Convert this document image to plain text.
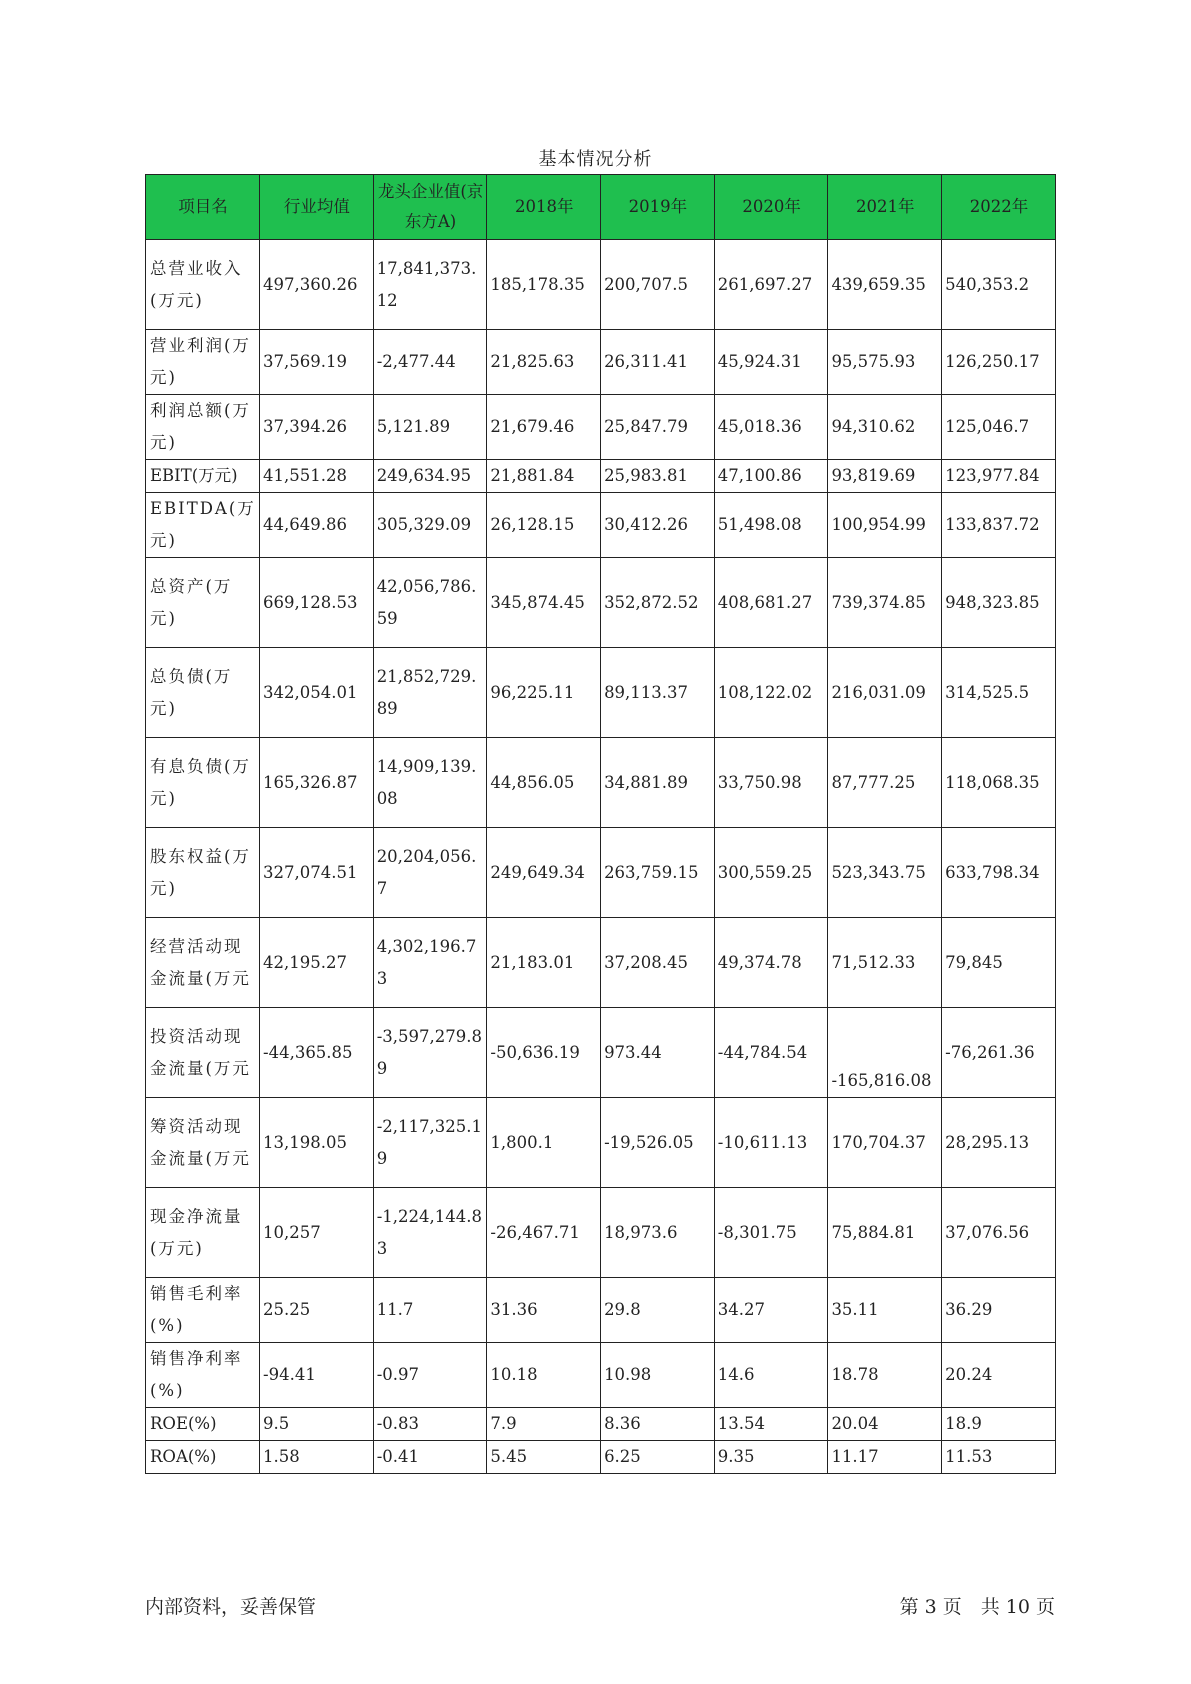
基本情况分析
项目名	行业均值	龙头企业值(京东方A)	2018年	2019年	2020年	2021年	2022年
总营业收入(万元)	497,360.26	17,841,373.12	185,178.35	200,707.5	261,697.27	439,659.35	540,353.2
营业利润(万元)	37,569.19	-2,477.44	21,825.63	26,311.41	45,924.31	95,575.93	126,250.17
利润总额(万元)	37,394.26	5,121.89	21,679.46	25,847.79	45,018.36	94,310.62	125,046.7
EBIT(万元)	41,551.28	249,634.95	21,881.84	25,983.81	47,100.86	93,819.69	123,977.84
EBITDA(万元)	44,649.86	305,329.09	26,128.15	30,412.26	51,498.08	100,954.99	133,837.72
总资产(万元)	669,128.53	42,056,786.59	345,874.45	352,872.52	408,681.27	739,374.85	948,323.85
总负债(万元)	342,054.01	21,852,729.89	96,225.11	89,113.37	108,122.02	216,031.09	314,525.5
有息负债(万元)	165,326.87	14,909,139.08	44,856.05	34,881.89	33,750.98	87,777.25	118,068.35
股东权益(万元)	327,074.51	20,204,056.7	249,649.34	263,759.15	300,559.25	523,343.75	633,798.34
经营活动现金流量(万元	42,195.27	4,302,196.73	21,183.01	37,208.45	49,374.78	71,512.33	79,845
投资活动现金流量(万元	-44,365.85	-3,597,279.89	-50,636.19	973.44	-44,784.54	-165,816.08	-76,261.36
筹资活动现金流量(万元	13,198.05	-2,117,325.19	1,800.1	-19,526.05	-10,611.13	170,704.37	28,295.13
现金净流量(万元)	10,257	-1,224,144.83	-26,467.71	18,973.6	-8,301.75	75,884.81	37,076.56
销售毛利率(%)	25.25	11.7	31.36	29.8	34.27	35.11	36.29
销售净利率(%)	-94.41	-0.97	10.18	10.98	14.6	18.78	20.24
ROE(%)	9.5	-0.83	7.9	8.36	13.54	20.04	18.9
ROA(%)	1.58	-0.41	5.45	6.25	9.35	11.17	11.53
内部资料，妥善保管	第 3 页　共 10 页
